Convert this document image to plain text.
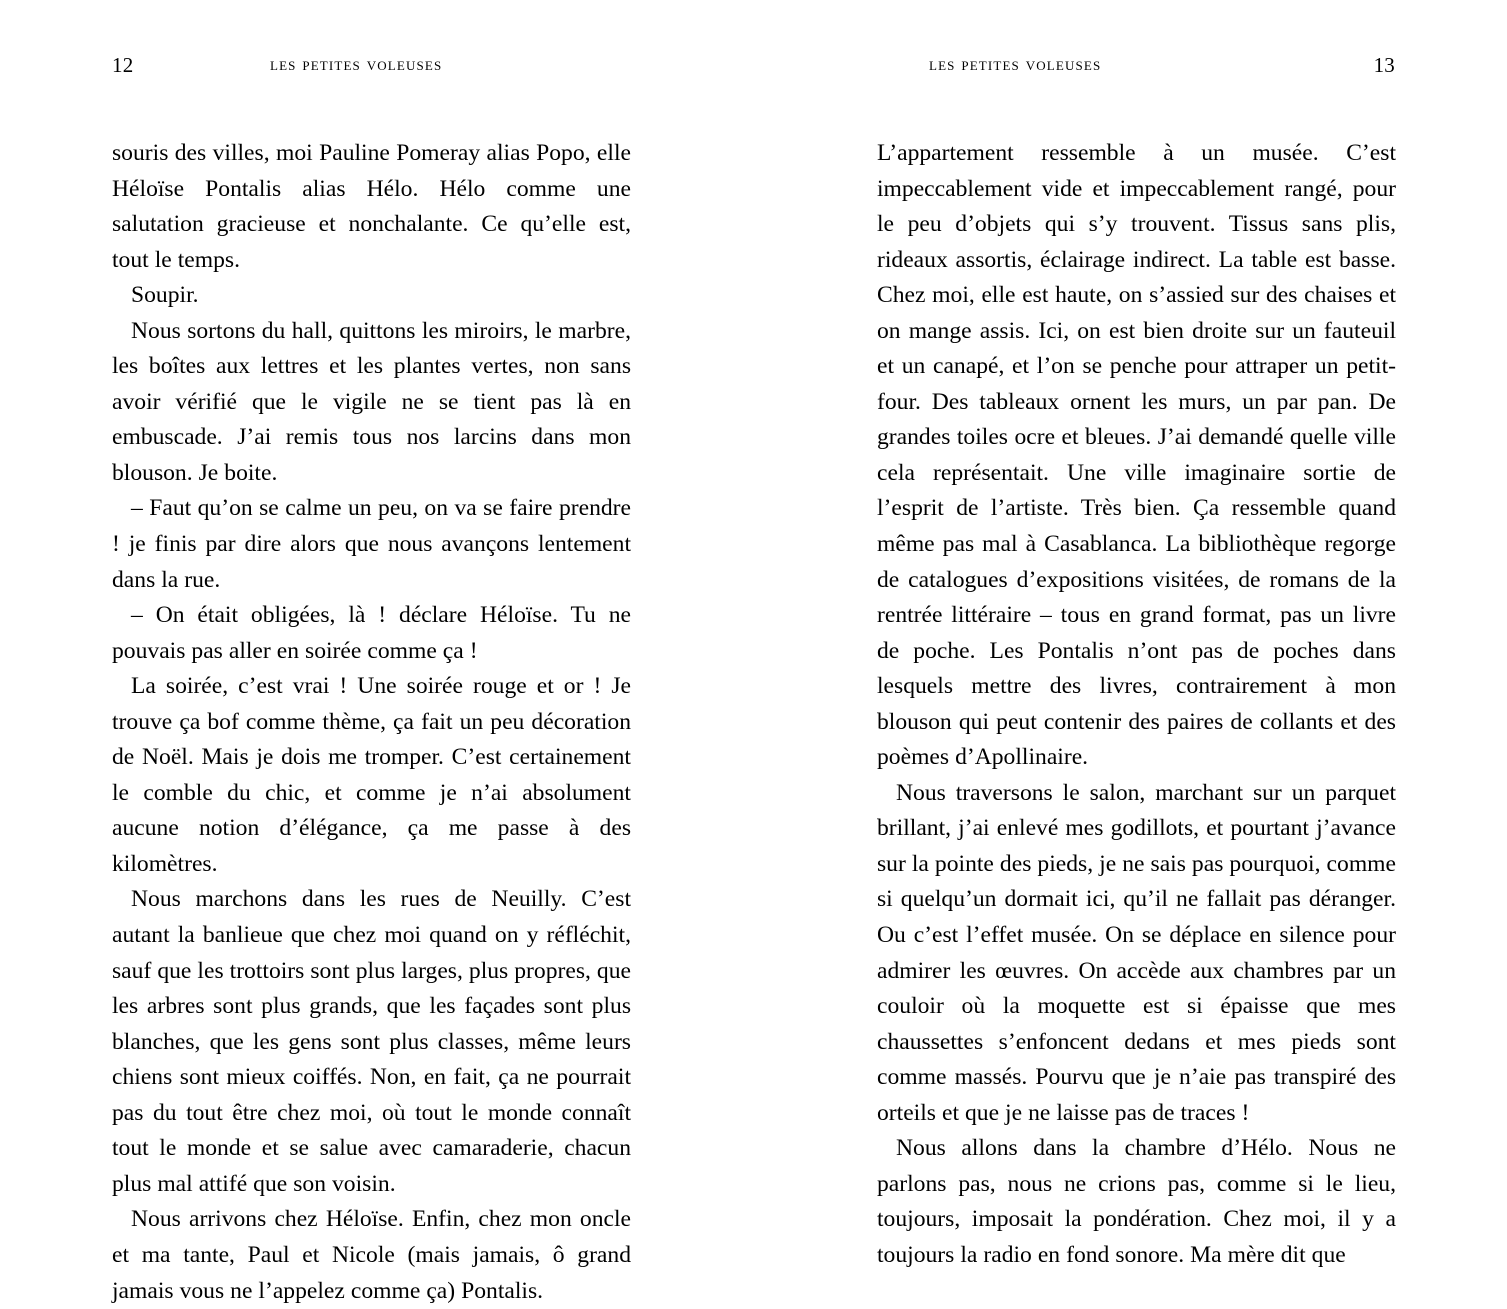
12	les petites voleuses	les petites voleuses	13

souris des villes, moi Pauline Pomeray alias Popo, elle Héloïse Pontalis alias Hélo. Hélo comme une salutation gracieuse et nonchalante. Ce qu’elle est, tout le temps.

Soupir.

Nous sortons du hall, quittons les miroirs, le marbre, les boîtes aux lettres et les plantes vertes, non sans avoir vérifié que le vigile ne se tient pas là en embuscade. J’ai remis tous nos larcins dans mon blouson. Je boite.

– Faut qu’on se calme un peu, on va se faire prendre ! je finis par dire alors que nous avançons lentement dans la rue.

– On était obligées, là ! déclare Héloïse. Tu ne pouvais pas aller en soirée comme ça !

La soirée, c’est vrai ! Une soirée rouge et or ! Je trouve ça bof comme thème, ça fait un peu décoration de Noël. Mais je dois me tromper. C’est certainement le comble du chic, et comme je n’ai absolument aucune notion d’élégance, ça me passe à des kilomètres.

Nous marchons dans les rues de Neuilly. C’est autant la banlieue que chez moi quand on y réfléchit, sauf que les trottoirs sont plus larges, plus propres, que les arbres sont plus grands, que les façades sont plus blanches, que les gens sont plus classes, même leurs chiens sont mieux coiffés. Non, en fait, ça ne pourrait pas du tout être chez moi, où tout le monde connaît tout le monde et se salue avec camaraderie, chacun plus mal attifé que son voisin.

Nous arrivons chez Héloïse. Enfin, chez mon oncle et ma tante, Paul et Nicole (mais jamais, ô grand jamais vous ne l’appelez comme ça) Pontalis.

L’appartement ressemble à un musée. C’est impeccablement vide et impeccablement rangé, pour le peu d’objets qui s’y trouvent. Tissus sans plis, rideaux assortis, éclairage indirect. La table est basse. Chez moi, elle est haute, on s’assied sur des chaises et on mange assis. Ici, on est bien droite sur un fauteuil et un canapé, et l’on se penche pour attraper un petit-four. Des tableaux ornent les murs, un par pan. De grandes toiles ocre et bleues. J’ai demandé quelle ville cela représentait. Une ville imaginaire sortie de l’esprit de l’artiste. Très bien. Ça ressemble quand même pas mal à Casablanca. La bibliothèque regorge de catalogues d’expositions visitées, de romans de la rentrée littéraire – tous en grand format, pas un livre de poche. Les Pontalis n’ont pas de poches dans lesquels mettre des livres, contrairement à mon blouson qui peut contenir des paires de collants et des poèmes d’Apollinaire.

Nous traversons le salon, marchant sur un parquet brillant, j’ai enlevé mes godillots, et pourtant j’avance sur la pointe des pieds, je ne sais pas pourquoi, comme si quelqu’un dormait ici, qu’il ne fallait pas déranger. Ou c’est l’effet musée. On se déplace en silence pour admirer les œuvres. On accède aux chambres par un couloir où la moquette est si épaisse que mes chaussettes s’enfoncent dedans et mes pieds sont comme massés. Pourvu que je n’aie pas transpiré des orteils et que je ne laisse pas de traces !

Nous allons dans la chambre d’Hélo. Nous ne parlons pas, nous ne crions pas, comme si le lieu, toujours, imposait la pondération. Chez moi, il y a toujours la radio en fond sonore. Ma mère dit que
